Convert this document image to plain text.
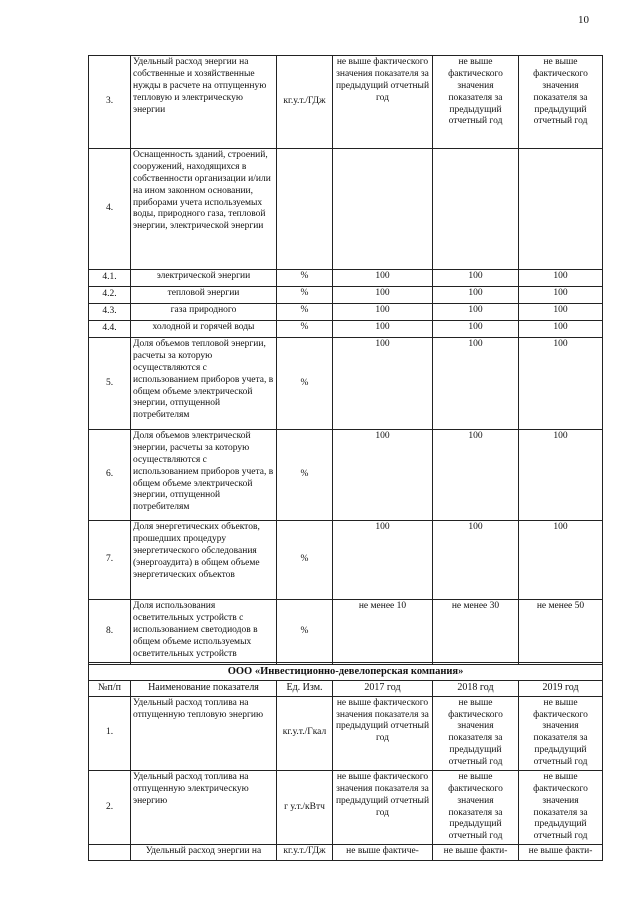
10
3.	Удельный расход энергии на собственные и хозяйственные нужды в расчете на отпущенную тепловую и электрическую энергии	кг.у.т./ГДж	не выше фактического значения показателя за предыдущий отчетный год	не выше фактического значения показателя за предыдущий отчетный год	не выше фактического значения показателя за предыдущий отчетный год
4.	Оснащенность зданий, строений, сооружений, находящихся в собственности организации и/или на ином законном основании, приборами учета используемых воды, природного газа, тепловой энергии, электрической энергии				
4.1.	электрической энергии	%	100	100	100
4.2.	тепловой энергии	%	100	100	100
4.3.	газа природного	%	100	100	100
4.4.	холодной и горячей воды	%	100	100	100
5.	Доля объемов тепловой энергии, расчеты за которую осуществляются с использованием приборов учета, в общем объеме электрической энергии, отпущенной потребителям	%	100	100	100
6.	Доля объемов электрической энергии, расчеты за которую осуществляются с использованием приборов учета, в общем объеме электрической энергии, отпущенной потребителям	%	100	100	100
7.	Доля энергетических объектов, прошедших процедуру энергетического обследования (энергоаудита) в общем объеме энергетических объектов	%	100	100	100
8.	Доля использования осветительных устройств с использованием светодиодов в общем объеме используемых осветительных устройств	%	не менее 10	не менее 30	не менее 50
ООО «Инвестиционно-девелоперская компания»					
№п/п	Наименование показателя	Ед. Изм.	2017 год	2018 год	2019 год
1.	Удельный расход топлива на отпущенную тепловую энергию	кг.у.т./Гкал	не выше фактического значения показателя за предыдущий отчетный год	не выше фактического значения показателя за предыдущий отчетный год	не выше фактического значения показателя за предыдущий отчетный год
2.	Удельный расход топлива на отпущенную электрическую энергию	г у.т./кВтч	не выше фактического значения показателя за предыдущий отчетный год	не выше фактического значения показателя за предыдущий отчетный год	не выше фактического значения показателя за предыдущий отчетный год
	Удельный расход энергии на	кг.у.т./ГДж	не выше фактиче-	не выше факти-	не выше факти-
